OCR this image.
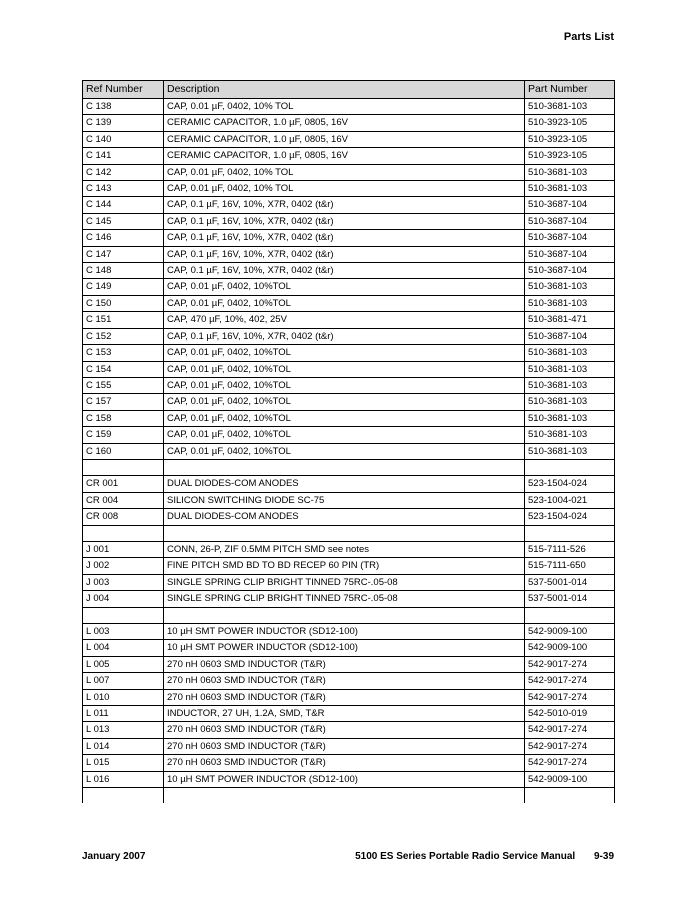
Parts List
Ref Number	Description	Part Number
C 138	CAP, 0.01 µF, 0402, 10% TOL	510-3681-103
C 139	CERAMIC CAPACITOR, 1.0 µF, 0805, 16V	510-3923-105
C 140	CERAMIC CAPACITOR, 1.0 µF, 0805, 16V	510-3923-105
C 141	CERAMIC CAPACITOR, 1.0 µF, 0805, 16V	510-3923-105
C 142	CAP, 0.01 µF, 0402, 10% TOL	510-3681-103
C 143	CAP, 0.01 µF, 0402, 10% TOL	510-3681-103
C 144	CAP, 0.1 µF, 16V, 10%, X7R, 0402 (t&r)	510-3687-104
C 145	CAP, 0.1 µF, 16V, 10%, X7R, 0402 (t&r)	510-3687-104
C 146	CAP, 0.1 µF, 16V, 10%, X7R, 0402 (t&r)	510-3687-104
C 147	CAP, 0.1 µF, 16V, 10%, X7R, 0402 (t&r)	510-3687-104
C 148	CAP, 0.1 µF, 16V, 10%, X7R, 0402 (t&r)	510-3687-104
C 149	CAP, 0.01 µF, 0402, 10%TOL	510-3681-103
C 150	CAP, 0.01 µF, 0402, 10%TOL	510-3681-103
C 151	CAP, 470 µF, 10%, 402, 25V	510-3681-471
C 152	CAP, 0.1 µF, 16V, 10%, X7R, 0402 (t&r)	510-3687-104
C 153	CAP, 0.01 µF, 0402, 10%TOL	510-3681-103
C 154	CAP, 0.01 µF, 0402, 10%TOL	510-3681-103
C 155	CAP, 0.01 µF, 0402, 10%TOL	510-3681-103
C 157	CAP, 0.01 µF, 0402, 10%TOL	510-3681-103
C 158	CAP, 0.01 µF, 0402, 10%TOL	510-3681-103
C 159	CAP, 0.01 µF, 0402, 10%TOL	510-3681-103
C 160	CAP, 0.01 µF, 0402, 10%TOL	510-3681-103

CR 001	DUAL DIODES-COM ANODES	523-1504-024
CR 004	SILICON SWITCHING DIODE SC-75	523-1004-021
CR 008	DUAL DIODES-COM ANODES	523-1504-024

J 001	CONN, 26-P, ZIF 0.5MM PITCH SMD see notes	515-7111-526
J 002	FINE PITCH SMD BD TO BD RECEP 60 PIN (TR)	515-7111-650
J 003	SINGLE SPRING CLIP BRIGHT TINNED 75RC-.05-08	537-5001-014
J 004	SINGLE SPRING CLIP BRIGHT TINNED 75RC-.05-08	537-5001-014

L 003	10 µH SMT POWER INDUCTOR (SD12-100)	542-9009-100
L 004	10 µH SMT POWER INDUCTOR (SD12-100)	542-9009-100
L 005	270 nH 0603 SMD INDUCTOR (T&R)	542-9017-274
L 007	270 nH 0603 SMD INDUCTOR (T&R)	542-9017-274
L 010	270 nH 0603 SMD INDUCTOR (T&R)	542-9017-274
L 011	INDUCTOR, 27 UH, 1.2A, SMD, T&R	542-5010-019
L 013	270 nH 0603 SMD INDUCTOR (T&R)	542-9017-274
L 014	270 nH 0603 SMD INDUCTOR (T&R)	542-9017-274
L 015	270 nH 0603 SMD INDUCTOR (T&R)	542-9017-274
L 016	10 µH SMT POWER INDUCTOR (SD12-100)	542-9009-100

January 2007	5100 ES Series Portable Radio Service Manual 9-39
